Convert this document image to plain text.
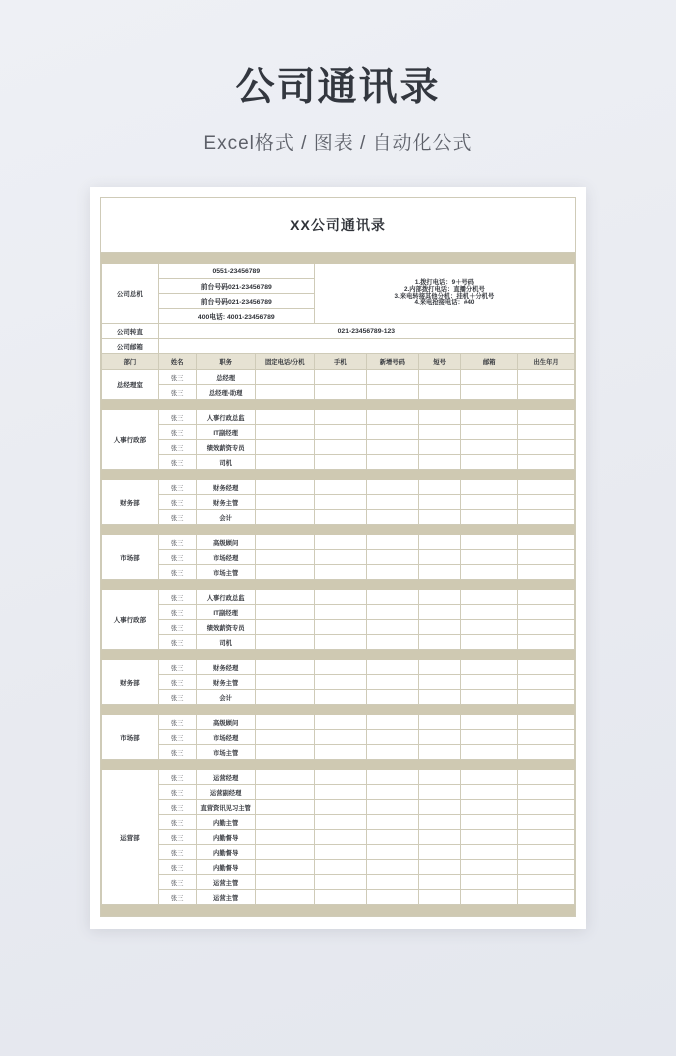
公司通讯录
Excel格式 / 图表 / 自动化公式
XX公司通讯录

公司总机	0551-23456789			1.拨打电话：9＋号码
2.内部拨打电话：直播分机号
3.来电转接其他分机：挂机＋分机号
4.来电抢接电话：#40				

	前台号码021-23456789							
	前台号码021-23456789							
	400电话: 4001-23456789							
公司转直	021-23456789-123							
公司邮箱								
部门	姓名	职务	固定电话/分机	手机	新增号码	短号	邮箱	出生年月
总经理室	张三	总经理						
	张三	总经理-助理						

人事行政部	张三	人事行政总监						
	张三	IT副经理						
	张三	绩效薪资专员						
	张三	司机						

财务部	张三	财务经理						
	张三	财务主管						
	张三	会计						

市场部	张三	高级顾问						
	张三	市场经理						
	张三	市场主管						

人事行政部	张三	人事行政总监						
	张三	IT副经理						
	张三	绩效薪资专员						
	张三	司机						

财务部	张三	财务经理						
	张三	财务主管						
	张三	会计						

市场部	张三	高级顾问						
	张三	市场经理						
	张三	市场主管						

运营部	张三	运营经理						
	张三	运营副经理						
	张三	直营资讯见习主管						
	张三	内勤主管						
	张三	内勤督导						
	张三	内勤督导						
	张三	内勤督导						
	张三	运营主管						
	张三	运营主管						
